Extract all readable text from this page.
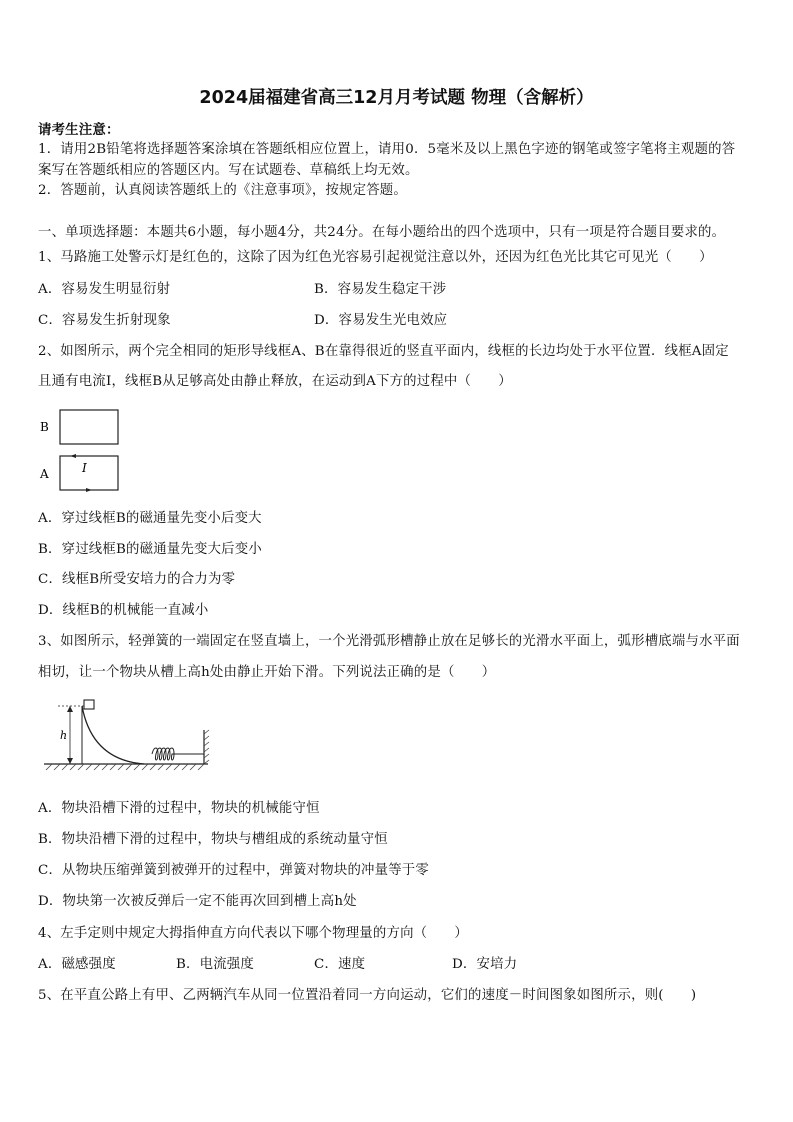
2024届福建省高三12月月考试题 物理（含解析）
请考生注意：
1．请用2B铅笔将选择题答案涂填在答题纸相应位置上，请用0．5毫米及以上黑色字迹的钢笔或签字笔将主观题的答
案写在答题纸相应的答题区内。写在试题卷、草稿纸上均无效。
2．答题前，认真阅读答题纸上的《注意事项》，按规定答题。
一、单项选择题：本题共6小题，每小题4分，共24分。在每小题给出的四个选项中，只有一项是符合题目要求的。
1、马路施工处警示灯是红色的，这除了因为红色光容易引起视觉注意以外，还因为红色光比其它可见光（　　）
A．容易发生明显衍射	B．容易发生稳定干涉
C．容易发生折射现象	D．容易发生光电效应
2、如图所示，两个完全相同的矩形导线框A、B在靠得很近的竖直平面内，线框的长边均处于水平位置．线框A固定
且通有电流I，线框B从足够高处由静止释放，在运动到A下方的过程中（　　）
B
A	I
A．穿过线框B的磁通量先变小后变大
B．穿过线框B的磁通量先变大后变小
C．线框B所受安培力的合力为零
D．线框B的机械能一直减小
3、如图所示，轻弹簧的一端固定在竖直墙上，一个光滑弧形槽静止放在足够长的光滑水平面上，弧形槽底端与水平面
相切，让一个物块从槽上高h处由静止开始下滑。下列说法正确的是（　　）
h
A．物块沿槽下滑的过程中，物块的机械能守恒
B．物块沿槽下滑的过程中，物块与槽组成的系统动量守恒
C．从物块压缩弹簧到被弹开的过程中，弹簧对物块的冲量等于零
D．物块第一次被反弹后一定不能再次回到槽上高h处
4、左手定则中规定大拇指伸直方向代表以下哪个物理量的方向（　　）
A．磁感强度	B．电流强度	C．速度	D．安培力
5、在平直公路上有甲、乙两辆汽车从同一位置沿着同一方向运动，它们的速度－时间图象如图所示，则(　　)
